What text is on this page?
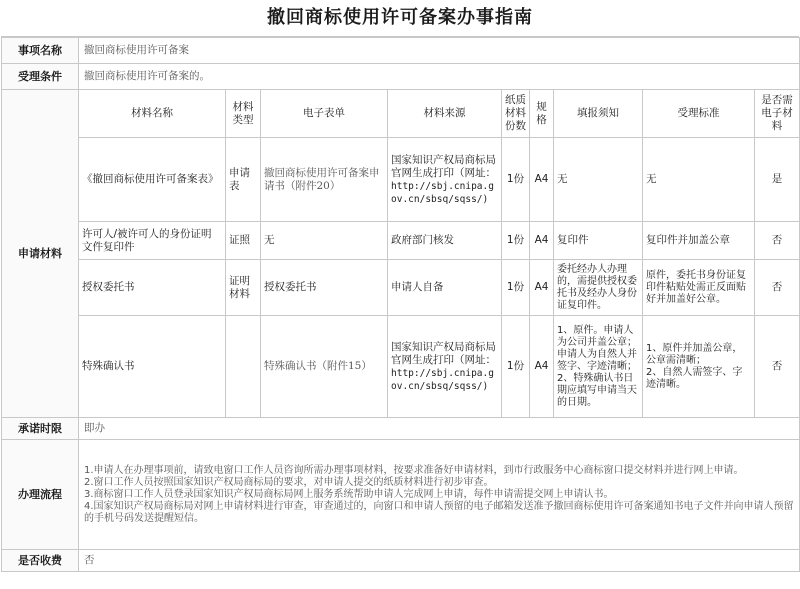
撤回商标使用许可备案办事指南
事项名称	撤回商标使用许可备案								
受理条件	撤回商标使用许可备案的。								
申请材料	材料名称	材料类型	电子表单	材料来源	纸质材料份数	规格	填报须知	受理标准	是否需电子材料
	《撤回商标使用许可备案表》	申请表	撤回商标使用许可备案申请书（附件20）	国家知识产权局商标局官网生成打印（网址：
http://sbj.cnipa.gov.cn/sbsq/sqss/)	1份	A4	无	无	是
	许可人/被许可人的身份证明文件复印件	证照	无	政府部门核发	1份	A4	复印件	复印件并加盖公章	否
	授权委托书	证明材料	授权委托书	申请人自备	1份	A4	委托经办人办理的，需提供授权委托书及经办人身份证复印件。	原件，委托书身份证复印件粘贴处需正反面贴好并加盖好公章。	否
	特殊确认书		特殊确认书（附件15）	国家知识产权局商标局官网生成打印（网址：
http://sbj.cnipa.gov.cn/sbsq/sqss/)	1份	A4	1、原件。申请人为公司并盖公章；申请人为自然人并签字、字迹清晰；
2、特殊确认书日期应填写申请当天的日期。	1、原件并加盖公章，公章需清晰；
2、自然人需签字、字迹清晰。	否
承诺时限	即办								
办理流程	1.申请人在办理事项前，请致电窗口工作人员咨询所需办理事项材料，按要求准备好申请材料，到市行政服务中心商标窗口提交材料并进行网上申请。
2.窗口工作人员按照国家知识产权局商标局的要求，对申请人提交的纸质材料进行初步审查。
3.商标窗口工作人员登录国家知识产权局商标局网上服务系统帮助申请人完成网上申请，每件申请需提交网上申请认书。
4.国家知识产权局商标局对网上申请材料进行审查，审查通过的，向窗口和申请人预留的电子邮箱发送准予撤回商标使用许可备案通知书电子文件并向申请人预留的手机号码发送提醒短信。								

是否收费	否								
